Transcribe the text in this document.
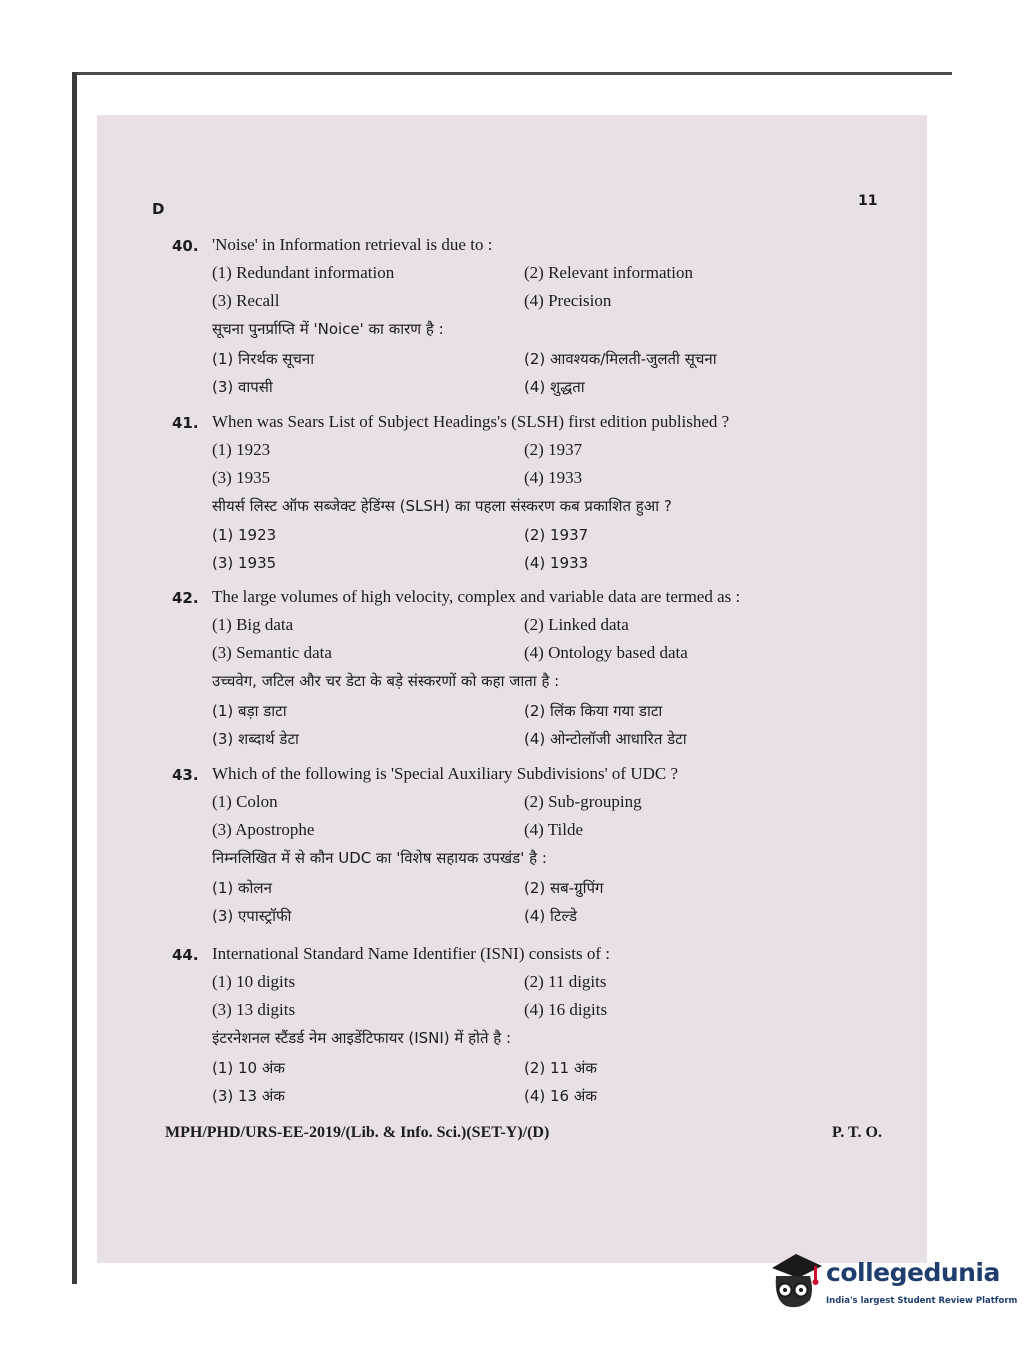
D	11
40. 'Noise' in Information retrieval is due to :
(1) Redundant information	(2) Relevant information
(3) Recall	(4) Precision
सूचना पुनर्प्राप्ति में 'Noice' का कारण है :
(1) निरर्थक सूचना	(2) आवश्यक/मिलती-जुलती सूचना
(3) वापसी	(4) शुद्धता
41. When was Sears List of Subject Headings's (SLSH) first edition published ?
(1) 1923	(2) 1937
(3) 1935	(4) 1933
सीयर्स लिस्ट ऑफ सब्जेक्ट हेडिंग्स (SLSH) का पहला संस्करण कब प्रकाशित हुआ ?
(1) 1923	(2) 1937
(3) 1935	(4) 1933
42. The large volumes of high velocity, complex and variable data are termed as :
(1) Big data	(2) Linked data
(3) Semantic data	(4) Ontology based data
उच्चवेग, जटिल और चर डेटा के बड़े संस्करणों को कहा जाता है :
(1) बड़ा डाटा	(2) लिंक किया गया डाटा
(3) शब्दार्थ डेटा	(4) ओन्टोलॉजी आधारित डेटा
43. Which of the following is 'Special Auxiliary Subdivisions' of UDC ?
(1) Colon	(2) Sub-grouping
(3) Apostrophe	(4) Tilde
निम्नलिखित में से कौन UDC का 'विशेष सहायक उपखंड' है :
(1) कोलन	(2) सब-ग्रुपिंग
(3) एपास्ट्रॉफी	(4) टिल्डे
44. International Standard Name Identifier (ISNI) consists of :
(1) 10 digits	(2) 11 digits
(3) 13 digits	(4) 16 digits
इंटरनेशनल स्टैंडर्ड नेम आइडेंटिफायर (ISNI) में होते है :
(1) 10 अंक	(2) 11 अंक
(3) 13 अंक	(4) 16 अंक
MPH/PHD/URS-EE-2019/(Lib. & Info. Sci.)(SET-Y)/(D)	P. T. O.
collegedunia
India's largest Student Review Platform
